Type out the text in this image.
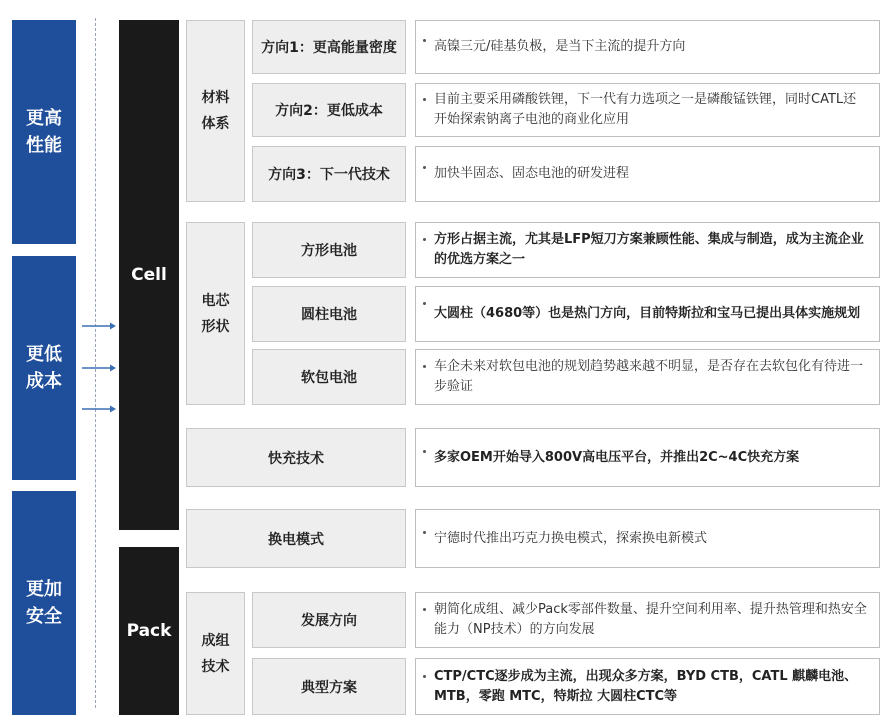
更高性能
更低成本
更加安全
Cell
Pack
材料体系
电芯形状
快充技术
换电模式
成组技术
方向1：更高能量密度
方向2：更低成本
方向3：下一代技术
方形电池
圆柱电池
软包电池
发展方向
典型方案
高镍三元/硅基负极，是当下主流的提升方向
目前主要采用磷酸铁锂，下一代有力选项之一是磷酸锰铁锂，同时CATL还开始探索钠离子电池的商业化应用
加快半固态、固态电池的研发进程
方形占据主流，尤其是LFP短刀方案兼顾性能、集成与制造，成为主流企业的优选方案之一
大圆柱（4680等）也是热门方向，目前特斯拉和宝马已提出具体实施规划
车企未来对软包电池的规划趋势越来越不明显，是否存在去软包化有待进一步验证
多家OEM开始导入800V高电压平台，并推出2C~4C快充方案
宁德时代推出巧克力换电模式，探索换电新模式
朝简化成组、减少Pack零部件数量、提升空间利用率、提升热管理和热安全能力（NP技术）的方向发展
CTP/CTC逐步成为主流，出现众多方案，BYD CTB，CATL 麒麟电池、MTB，零跑 MTC，特斯拉 大圆柱CTC等
